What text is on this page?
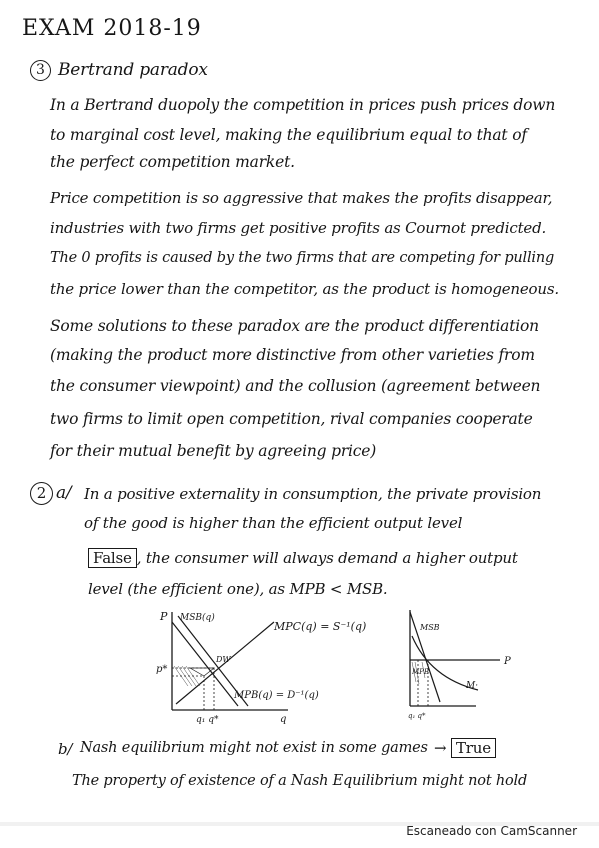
EXAM 2018-19
3 Bertrand paradox
In a Bertrand duopoly the competition in prices push prices down
to marginal cost level, making the equilibrium equal to that of
the perfect competition market.
Price competition is so aggressive that makes the profits disappear,
industries with two firms get positive profits as Cournot predicted.
The 0 profits is caused by the two firms that are competing for pulling
the price lower than the competitor, as the product is homogeneous.
Some solutions to these paradox are the product differentiation
(making the product more distinctive from other varieties from
the consumer viewpoint) and the collusion (agreement between
two firms to limit open competition, rival companies cooperate
for their mutual benefit by agreeing price)
2 a/ In a positive externality in consumption, the private provision
of the good is higher than the efficient output level
False , the consumer will always demand a higher output
level (the efficient one), as MPB < MSB.
P MSB(q)
MPC(q) = S⁻¹(q)
MPB(q) = D⁻¹(q)
p*
DW
q₁ q*	q
MSB
MPB
P
M·
q₁ q*
b/ Nash equilibrium might not exist in some games → True
The property of existence of a Nash Equilibrium might not hold
Escaneado con CamScanner
